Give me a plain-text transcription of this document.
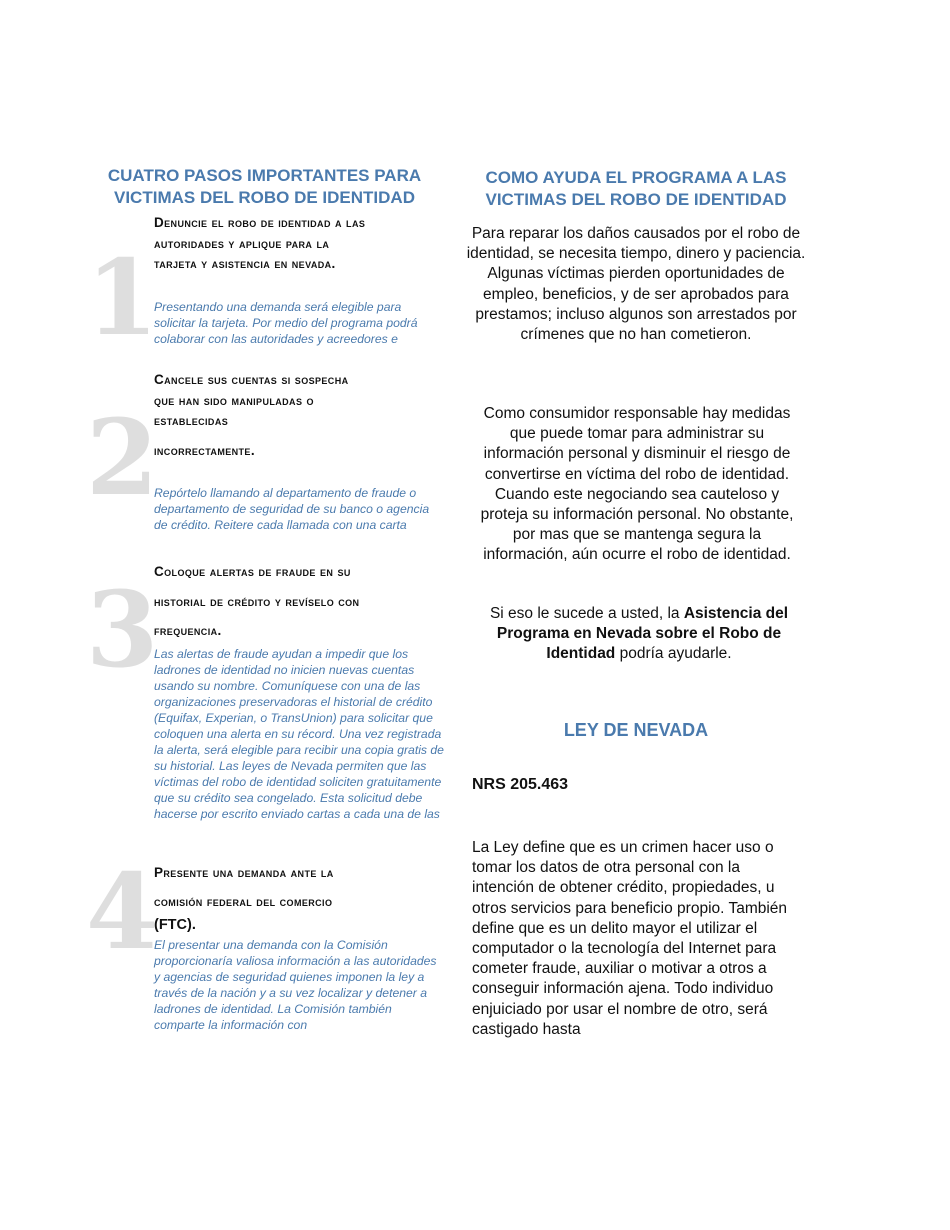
CUATRO PASOS IMPORTANTES PARA
VICTIMAS DEL ROBO DE IDENTIDAD
1
Denuncie el robo de identidad a las
autoridades y aplique para la
tarjeta y asistencia en nevada.

Presentando una demanda será elegible para solicitar la tarjeta. Por medio del programa podrá colaborar con las autoridades y acreedores e

2
Cancele sus cuentas si sospecha
que han sido manipuladas o
establecidas
incorrectamente.

Repórtelo llamando al departamento de fraude o departamento de seguridad de su banco o agencia de crédito. Reitere cada llamada con una carta

3
Coloque alertas de fraude en su
historial de crédito y revíselo con
frequencia.

Las alertas de fraude ayudan a impedir que los ladrones de identidad no inicien nuevas cuentas usando su nombre. Comuníquese con una de las organizaciones preservadoras el historial de crédito (Equifax, Experian, o TransUnion) para solicitar que coloquen una alerta en su récord. Una vez registrada la alerta, será elegible para recibir una copia gratis de su historial. Las leyes de Nevada permiten que las víctimas del robo de identidad soliciten gratuitamente que su crédito sea congelado. Esta solicitud debe hacerse por escrito enviado cartas a cada una de las

4
Presente una demanda ante la
comisión federal del comercio
(FTC).

El presentar una demanda con la Comisión proporcionaría valiosa información a las autoridades y agencias de seguridad quienes imponen la ley a través de la nación y a su vez localizar y detener a ladrones de identidad. La Comisión también comparte la información con

COMO AYUDA EL PROGRAMA A LAS
VICTIMAS DEL ROBO DE IDENTIDAD

Para reparar los daños causados por el robo de identidad, se necesita tiempo, dinero y paciencia. Algunas víctimas pierden oportunidades de empleo, beneficios, y de ser aprobados para prestamos; incluso algunos son arrestados por crímenes que no han cometieron.

Como consumidor responsable hay medidas que puede tomar para administrar su información personal y disminuir el riesgo de convertirse en víctima del robo de identidad. Cuando este negociando sea cauteloso y proteja su información personal. No obstante, por mas que se mantenga segura la información, aún ocurre el robo de identidad.

Si eso le sucede a usted, la Asistencia del Programa en Nevada sobre el Robo de Identidad podría ayudarle.

LEY DE NEVADA

NRS 205.463

La Ley define que es un crimen hacer uso o tomar los datos de otra personal con la intención de obtener crédito, propiedades, u otros servicios para beneficio propio. También define que es un delito mayor el utilizar el computador o la tecnología del Internet para cometer fraude, auxiliar o motivar a otros a conseguir información ajena. Todo individuo enjuiciado por usar el nombre de otro, será castigado hasta
